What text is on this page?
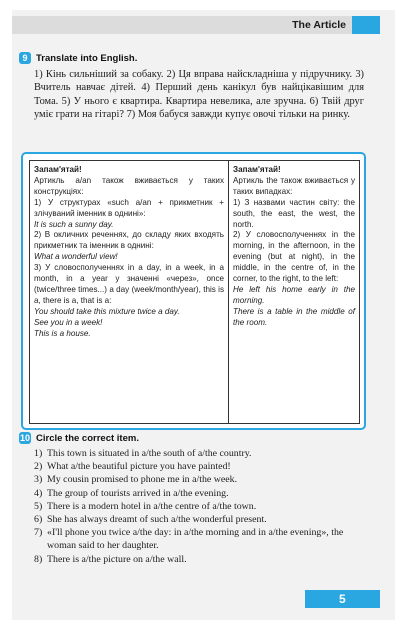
The Article
9 Translate into English.
1) Кінь сильніший за собаку. 2) Ця вправа найскладніша у підручнику. 3) Вчитель навчає дітей. 4) Перший день канікул був найцікавішим для Тома. 5) У нього є квартира. Квартира невелика, але зручна. 6) Твій друг уміє грати на гітарі? 7) Моя бабуся завжди купує овочі тільки на ринку.
Запам'ятай!
Артикль a/an також вживається у таких конструкціях:
1) У структурах «such a/an + прикметник + злічуваний іменник в однині»:
It is such a sunny day.
2) В окличних реченнях, до складу яких входять прикметник та іменник в однині:
What a wonderful view!
3) У словосполученнях in a day, in a week, in a month, in a year у значенні «через», once (twice/three times...) a day (week/month/year), this is a, there is a, that is a:
You should take this mixture twice a day.
See you in a week!
This is a house.
Запам'ятай!
Артикль the також вживається у таких випадках:
1) З назвами частин світу: the south, the east, the west, the north.
2) У словосполученнях in the morning, in the afternoon, in the evening (but at night), in the middle, in the centre of, in the corner, to the right, to the left:
He left his home early in the morning.
There is a table in the middle of the room.
10 Circle the correct item.
1) This town is situated in a/the south of a/the country.
2) What a/the beautiful picture you have painted!
3) My cousin promised to phone me in a/the week.
4) The group of tourists arrived in a/the evening.
5) There is a modern hotel in a/the centre of a/the town.
6) She has always dreamt of such a/the wonderful present.
7) «I'll phone you twice a/the day: in a/the morning and in a/the evening», the woman said to her daughter.
8) There is a/the picture on a/the wall.
5
